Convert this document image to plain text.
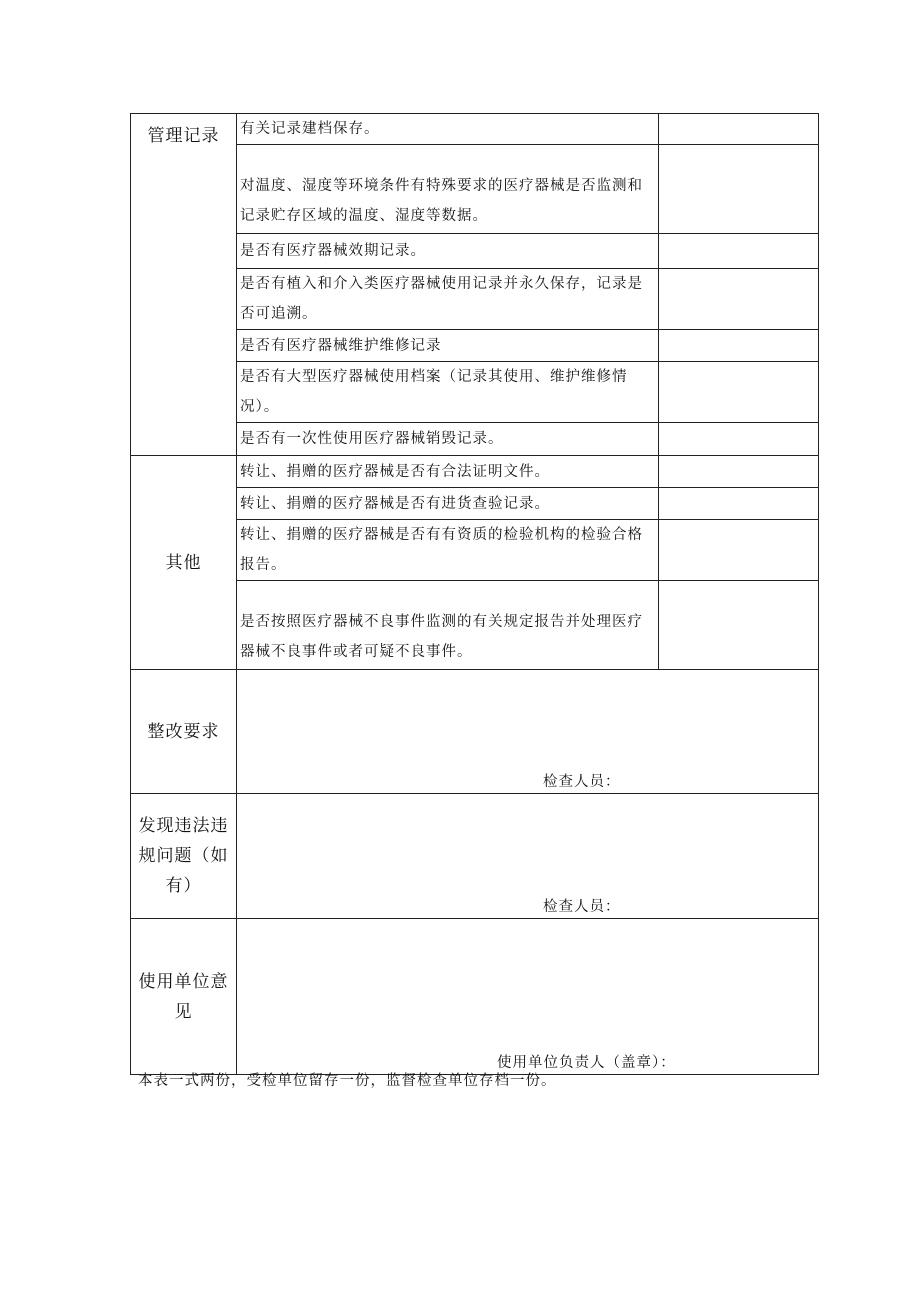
管理记录	有关记录建档保存。	
	对温度、湿度等环境条件有特殊要求的医疗器械是否监测和记录贮存区域的温度、湿度等数据。	
	是否有医疗器械效期记录。	
	是否有植入和介入类医疗器械使用记录并永久保存，记录是否可追溯。	
	是否有医疗器械维护维修记录	
	是否有大型医疗器械使用档案（记录其使用、维护维修情况）。	
	是否有一次性使用医疗器械销毁记录。	
其他	转让、捐赠的医疗器械是否有合法证明文件。	
	转让、捐赠的医疗器械是否有进货查验记录。	
	转让、捐赠的医疗器械是否有有资质的检验机构的检验合格报告。	
	是否按照医疗器械不良事件监测的有关规定报告并处理医疗器械不良事件或者可疑不良事件。	
整改要求	检查人员：	

发现违法违规问题（如有）	检查人员：	

使用单位意见	使用单位负责人（盖章）：	
本表一式两份，受检单位留存一份，监督检查单位存档一份。
